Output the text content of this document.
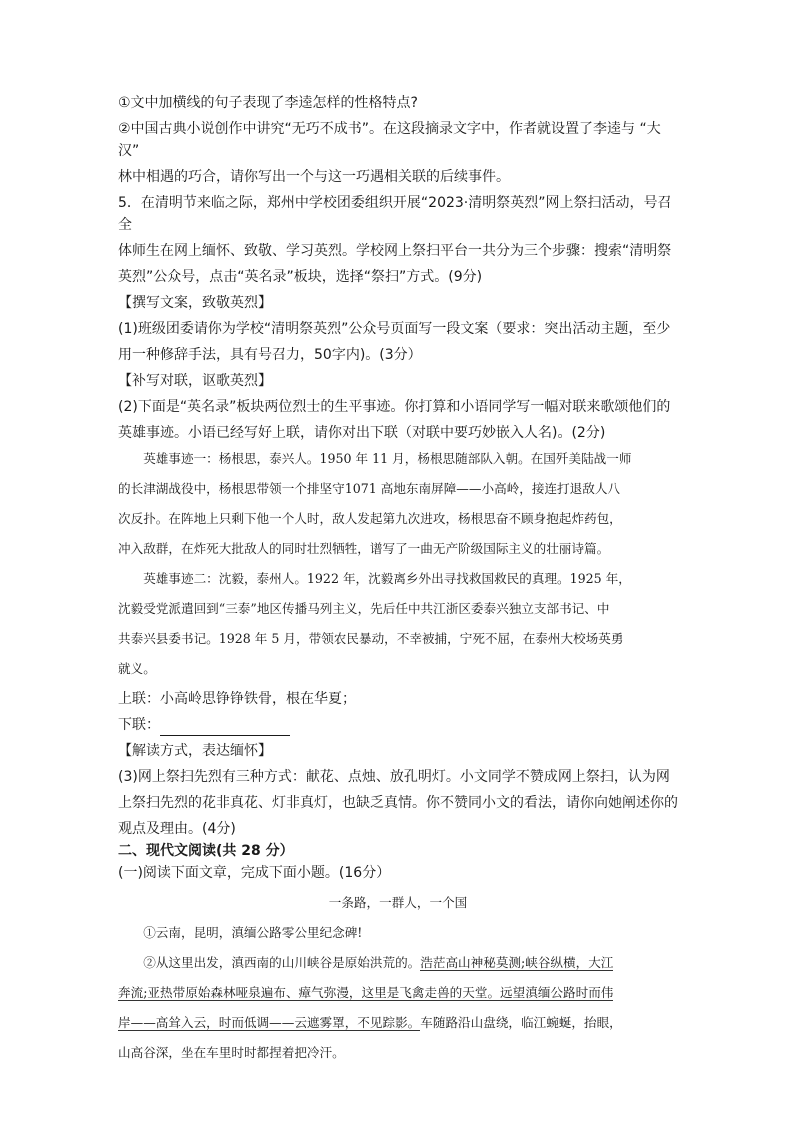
①文中加横线的句子表现了李逵怎样的性格特点?

②中国古典小说创作中讲究“无巧不成书”。在这段摘录文字中，作者就设置了李逵与 “大汉”

林中相遇的巧合，请你写出一个与这一巧遇相关联的后续事件。

5．在清明节来临之际，郑州中学校团委组织开展“2023·清明祭英烈”网上祭扫活动，号召全

体师生在网上缅怀、致敬、学习英烈。学校网上祭扫平台一共分为三个步骤：搜索“清明祭

英烈”公众号，点击“英名录”板块，选择“祭扫”方式。(9分)

【撰写文案，致敬英烈】

(1)班级团委请你为学校“清明祭英烈”公众号页面写一段文案（要求：突出活动主题，至少

用一种修辞手法，具有号召力，50字内)。(3分）

【补写对联，讴歌英烈】

(2)下面是“英名录”板块两位烈士的生平事迹。你打算和小语同学写一幅对联来歌颂他们的

英雄事迹。小语已经写好上联，请你对出下联（对联中要巧妙嵌入人名)。(2分)

英雄事迹一：杨根思，泰兴人。1950 年 11 月，杨根思随部队入朝。在国歼美陆战一师

的长津湖战役中，杨根思带领一个排坚守1071 高地东南屏障——小高岭，接连打退敌人八

次反扑。在阵地上只剩下他一个人时，敌人发起第九次进攻，杨根思奋不顾身抱起炸药包，

冲入敌群，在炸死大批敌人的同时壮烈牺牲，谱写了一曲无产阶级国际主义的壮丽诗篇。

英雄事迹二：沈毅，泰州人。1922 年，沈毅离乡外出寻找救国救民的真理。1925 年，

沈毅受党派遣回到“三泰”地区传播马列主义，先后任中共江浙区委泰兴独立支部书记、中

共泰兴县委书记。1928 年 5 月，带领农民暴动，不幸被捕，宁死不屈，在泰州大校场英勇

就义。

上联：小高岭思铮铮铁骨，根在华夏；

下联：

【解读方式，表达缅怀】

(3)网上祭扫先烈有三种方式：献花、点烛、放孔明灯。小文同学不赞成网上祭扫，认为网

上祭扫先烈的花非真花、灯非真灯，也缺乏真情。你不赞同小文的看法，请你向她阐述你的

观点及理由。(4分)

二、现代文阅读(共 28 分）

(一)阅读下面文章，完成下面小题。(16分）

一条路，一群人，一个国

①云南，昆明，滇缅公路零公里纪念碑!

②从这里出发，滇西南的山川峡谷是原始洪荒的。浩茫高山神秘莫测;峡谷纵横，大江

奔流;亚热带原始森林哑泉遍布、瘴气弥漫，这里是飞禽走兽的天堂。远望滇缅公路时而伟

岸——高耸入云，时而低调——云遮雾罩，不见踪影。车随路沿山盘绕，临江蜿蜒，抬眼，

山高谷深，坐在车里时时都捏着把冷汗。
